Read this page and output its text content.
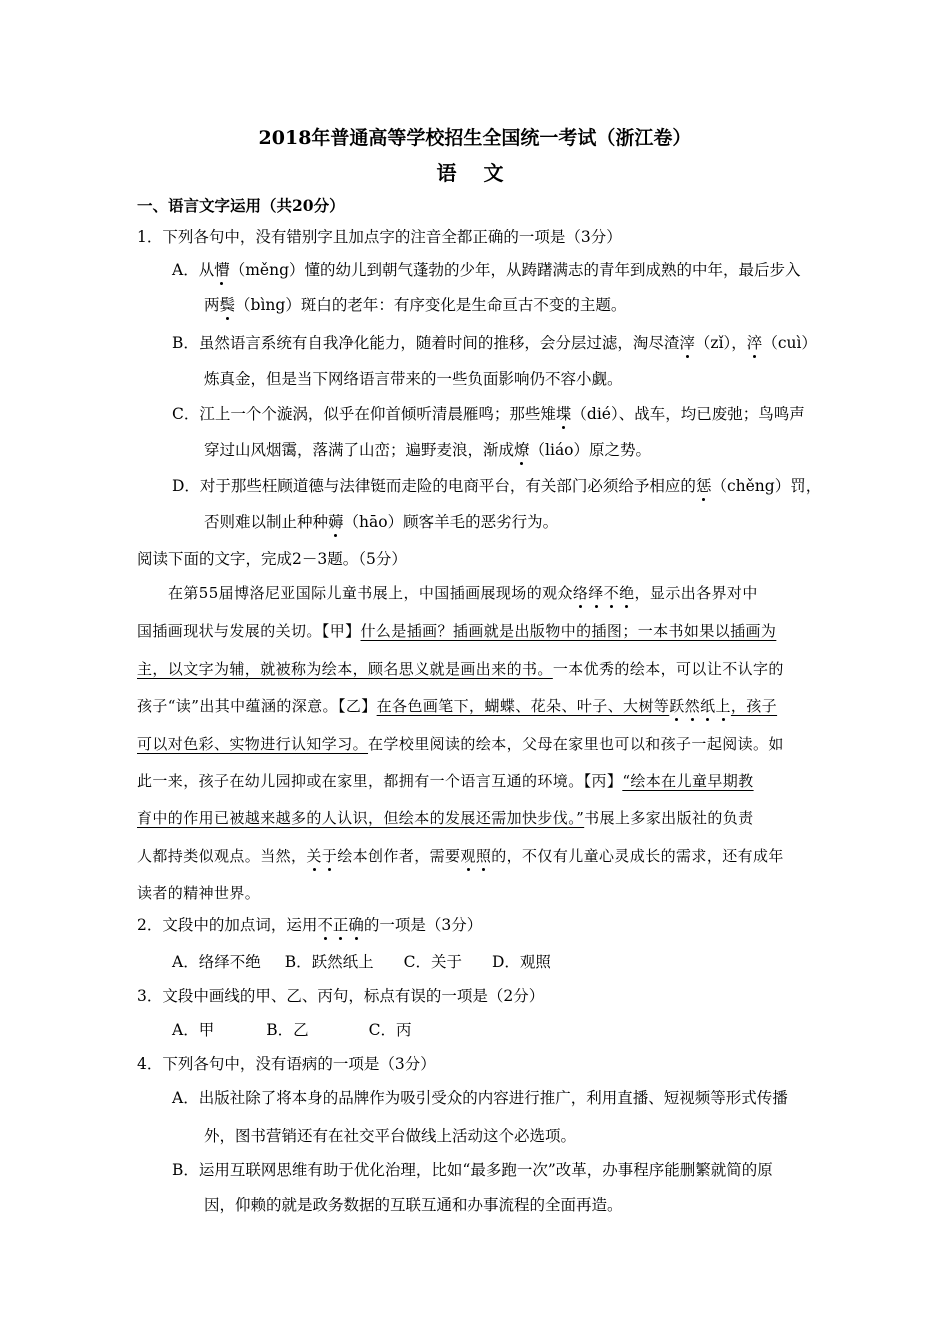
2018年普通高等学校招生全国统一考试（浙江卷）
语 文
一、语言文字运用（共20分）
1．下列各句中，没有错别字且加点字的注音全都正确的一项是（3分）
A．从懵（měng）懂的幼儿到朝气蓬勃的少年，从踌躇满志的青年到成熟的中年，最后步入
两鬓（bìng）斑白的老年：有序变化是生命亘古不变的主题。
B．虽然语言系统有自我净化能力，随着时间的推移，会分层过滤，淘尽渣滓（zǐ），淬（cuì）
炼真金，但是当下网络语言带来的一些负面影响仍不容小觑。
C．江上一个个漩涡，似乎在仰首倾听清晨雁鸣；那些雉堞（dié）、战车，均已废弛；鸟鸣声
穿过山风烟霭，落满了山峦；遍野麦浪，渐成燎（liáo）原之势。
D．对于那些枉顾道德与法律铤而走险的电商平台，有关部门必须给予相应的惩（chěng）罚，
否则难以制止种种薅（hāo）顾客羊毛的恶劣行为。
阅读下面的文字，完成2－3题。（5分）
在第55届博洛尼亚国际儿童书展上，中国插画展现场的观众络绎不绝，显示出各界对中
国插画现状与发展的关切。【甲】什么是插画？插画就是出版物中的插图；一本书如果以插画为
主，以文字为辅，就被称为绘本，顾名思义就是画出来的书。一本优秀的绘本，可以让不认字的
孩子“读”出其中蕴涵的深意。【乙】在各色画笔下，蝴蝶、花朵、叶子、大树等跃然纸上，孩子
可以对色彩、实物进行认知学习。在学校里阅读的绘本，父母在家里也可以和孩子一起阅读。如
此一来，孩子在幼儿园抑或在家里，都拥有一个语言互通的环境。【丙】“绘本在儿童早期教
育中的作用已被越来越多的人认识，但绘本的发展还需加快步伐。”书展上多家出版社的负责
人都持类似观点。当然，关于绘本创作者，需要观照的，不仅有儿童心灵成长的需求，还有成年
读者的精神世界。
2．文段中的加点词，运用不正确的一项是（3分）
A．络绎不绝 B．跃然纸上 C．关于 D．观照
3．文段中画线的甲、乙、丙句，标点有误的一项是（2分）
A．甲	B．乙	C．丙
4．下列各句中，没有语病的一项是（3分）
A．出版社除了将本身的品牌作为吸引受众的内容进行推广，利用直播、短视频等形式传播
外，图书营销还有在社交平台做线上活动这个必选项。
B．运用互联网思维有助于优化治理，比如“最多跑一次”改革，办事程序能删繁就简的原
因，仰赖的就是政务数据的互联互通和办事流程的全面再造。
